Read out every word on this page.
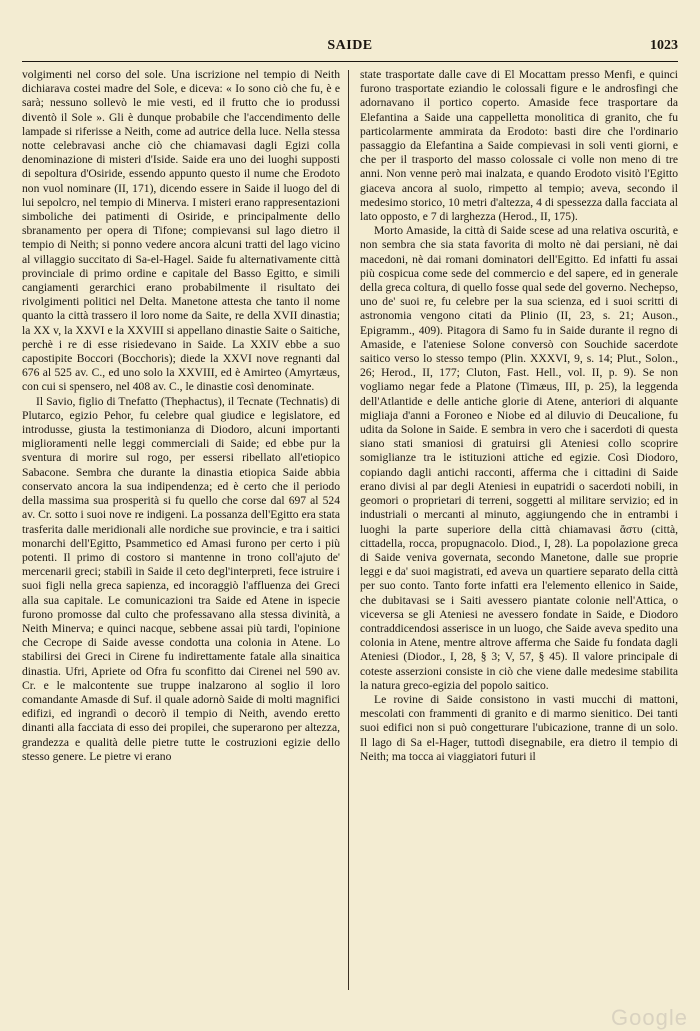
SAIDE	1023

volgimenti nel corso del sole. Una iscrizione nel tempio di Neith dichiarava costei madre del Sole, e diceva: « Io sono ciò che fu, è e sarà; nessuno sollevò le mie vesti, ed il frutto che io produssi diventò il Sole ». Gli è dunque probabile che l'accendimento delle lampade si riferisse a Neith, come ad autrice della luce. Nella stessa notte celebravasi anche ciò che chiamavasi dagli Egizi colla denominazione di misteri d'Iside. Saide era uno dei luoghi supposti di sepoltura d'Osiride, essendo appunto questo il nume che Erodoto non vuol nominare (II, 171), dicendo essere in Saide il luogo del di lui sepolcro, nel tempio di Minerva. I misteri erano rappresentazioni simboliche dei patimenti di Osiride, e principalmente dello sbranamento per opera di Tifone; compievansi sul lago dietro il tempio di Neith; si ponno vedere ancora alcuni tratti del lago vicino al villaggio succitato di Sa-el-Hagel. Saide fu alternativamente città provinciale di primo ordine e capitale del Basso Egitto, e simili cangiamenti gerarchici erano probabilmente il risultato dei rivolgimenti politici nel Delta. Manetone attesta che tanto il nome quanto la città trassero il loro nome da Saite, re della XVII dinastia; la XX v, la XXVI e la XXVIII si appellano dinastie Saite o Saitiche, perchè i re di esse risiedevano in Saide. La XXIV ebbe a suo capostipite Boccori (Bocchoris); diede la XXVI nove regnanti dal 676 al 525 av. C., ed uno solo la XXVIII, ed è Amirteo (Amyrtæus, con cui si spensero, nel 408 av. C., le dinastie così denominate.

Il Savio, figlio di Tnefatto (Thephactus), il Tecnate (Technatis) di Plutarco, egizio Pehor, fu celebre qual giudice e legislatore, ed introdusse, giusta la testimonianza di Diodoro, alcuni importanti miglioramenti nelle leggi commerciali di Saide; ed ebbe pur la sventura di morire sul rogo, per essersi ribellato all'etiopico Sabacone. Sembra che durante la dinastia etiopica Saide abbia conservato ancora la sua indipendenza; ed è certo che il periodo della massima sua prosperità si fu quello che corse dal 697 al 524 av. Cr. sotto i suoi nove re indigeni. La possanza dell'Egitto era stata trasferita dalle meridionali alle nordiche sue provincie, e tra i saitici monarchi dell'Egitto, Psammetico ed Amasi furono per certo i più potenti. Il primo di costoro si mantenne in trono coll'ajuto de' mercenarii greci; stabilì in Saide il ceto degl'interpreti, fece istruire i suoi figli nella greca sapienza, ed incoraggiò l'affluenza dei Greci alla sua capitale. Le comunicazioni tra Saide ed Atene in ispecie furono promosse dal culto che professavano alla stessa divinità, a Neith Minerva; e quinci nacque, sebbene assai più tardi, l'opinione che Cecrope di Saide avesse condotta una colonia in Atene. Lo stabilirsi dei Greci in Cirene fu indirettamente fatale alla sinaitica dinastia. Ufri, Apriete od Ofra fu sconfitto dai Cirenei nel 590 av. Cr. e le malcontente sue truppe inalzarono al soglio il loro comandante Amasde di Suf. il quale adornò Saide di molti magnifici edifizi, ed ingrandì o decorò il tempio di Neith, avendo eretto dinanti alla facciata di esso dei propilei, che superarono per altezza, grandezza e qualità delle pietre tutte le costruzioni egizie dello stesso genere. Le pietre vi erano

state trasportate dalle cave di El Mocattam presso Menfi, e quinci furono trasportate eziandio le colossali figure e le androsfingi che adornavano il portico coperto. Amaside fece trasportare da Elefantina a Saide una cappelletta monolitica di granito, che fu particolarmente ammirata da Erodoto: basti dire che l'ordinario passaggio da Elefantina a Saide compievasi in soli venti giorni, e che per il trasporto del masso colossale ci volle non meno di tre anni. Non venne però mai inalzata, e quando Erodoto visitò l'Egitto giaceva ancora al suolo, rimpetto al tempio; aveva, secondo il medesimo storico, 10 metri d'altezza, 4 di spessezza dalla facciata al lato opposto, e 7 di larghezza (Herod., II, 175).

Morto Amaside, la città di Saide scese ad una relativa oscurità, e non sembra che sia stata favorita di molto nè dai persiani, nè dai macedoni, nè dai romani dominatori dell'Egitto. Ed infatti fu assai più cospicua come sede del commercio e del sapere, ed in generale della greca coltura, di quello fosse qual sede del governo. Nechepso, uno de' suoi re, fu celebre per la sua scienza, ed i suoi scritti di astronomia vengono citati da Plinio (II, 23, s. 21; Auson., Epigramm., 409). Pitagora di Samo fu in Saide durante il regno di Amaside, e l'ateniese Solone conversò con Souchide sacerdote saitico verso lo stesso tempo (Plin. XXXVI, 9, s. 14; Plut., Solon., 26; Herod., II, 177; Cluton, Fast. Hell., vol. II, p. 9). Se non vogliamo negar fede a Platone (Timæus, III, p. 25), la leggenda dell'Atlantide e delle antiche glorie di Atene, anteriori di alquante migliaja d'anni a Foroneo e Niobe ed al diluvio di Deucalione, fu udita da Solone in Saide. E sembra in vero che i sacerdoti di questa siano stati smaniosi di gratuirsi gli Ateniesi collo scoprire somiglianze tra le istituzioni attiche ed egizie. Così Diodoro, copiando dagli antichi racconti, afferma che i cittadini di Saide erano divisi al par degli Ateniesi in eupatridi o sacerdoti nobili, in geomori o proprietari di terreni, soggetti al militare servizio; ed in industriali o mercanti al minuto, aggiungendo che in entrambi i luoghi la parte superiore della città chiamavasi ἄστυ (città, cittadella, rocca, propugnacolo. Diod., I, 28). La popolazione greca di Saide veniva governata, secondo Manetone, dalle sue proprie leggi e da' suoi magistrati, ed aveva un quartiere separato della città per suo conto. Tanto forte infatti era l'elemento ellenico in Saide, che dubitavasi se i Saiti avessero piantate colonie nell'Attica, o viceversa se gli Ateniesi ne avessero fondate in Saide, e Diodoro contraddicendosi asserisce in un luogo, che Saide aveva spedito una colonia in Atene, mentre altrove afferma che Saide fu fondata dagli Ateniesi (Diodor., I, 28, § 3; V, 57, § 45). Il valore principale di coteste asserzioni consiste in ciò che viene dalle medesime stabilita la natura greco-egizia del popolo saitico.

Le rovine di Saide consistono in vasti mucchi di mattoni, mescolati con frammenti di granito e di marmo sienitico. Dei tanti suoi edifici non si può congetturare l'ubicazione, tranne di un solo. Il lago di Sa el-Hager, tuttodì disegnabile, era dietro il tempio di Neith; ma tocca ai viaggiatori futuri il

Google
